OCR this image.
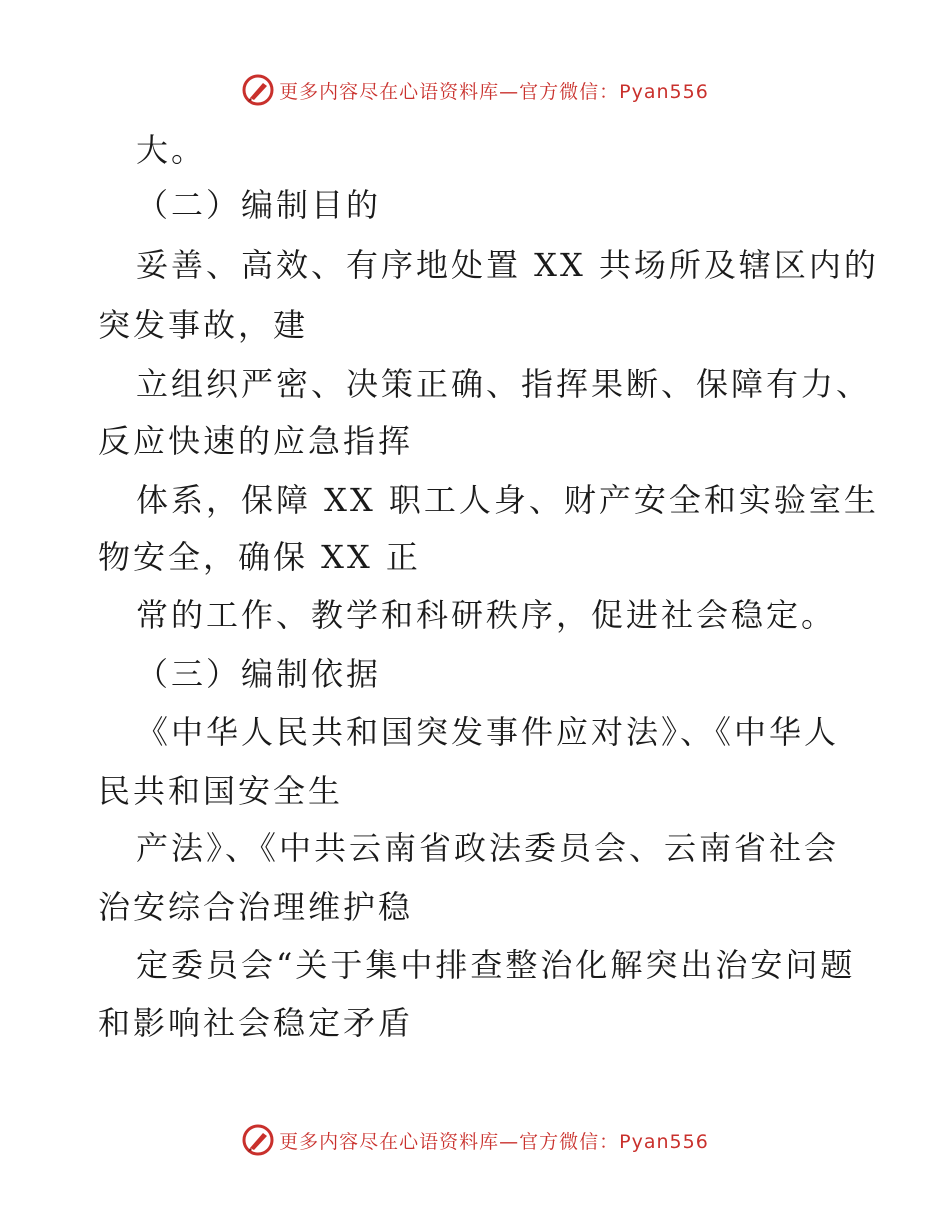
更多内容尽在心语资料库—官方微信：Pyan556
大。
（二）编制目的
妥善、高效、有序地处置 XX 共场所及辖区内的
突发事故，建
立组织严密、决策正确、指挥果断、保障有力、
反应快速的应急指挥
体系，保障 XX 职工人身、财产安全和实验室生
物安全，确保 XX 正
常的工作、教学和科研秩序，促进社会稳定。
（三）编制依据
《中华人民共和国突发事件应对法》、《中华人
民共和国安全生
产法》、《中共云南省政法委员会、云南省社会
治安综合治理维护稳
定委员会“关于集中排查整治化解突出治安问题
和影响社会稳定矛盾
更多内容尽在心语资料库—官方微信：Pyan556
